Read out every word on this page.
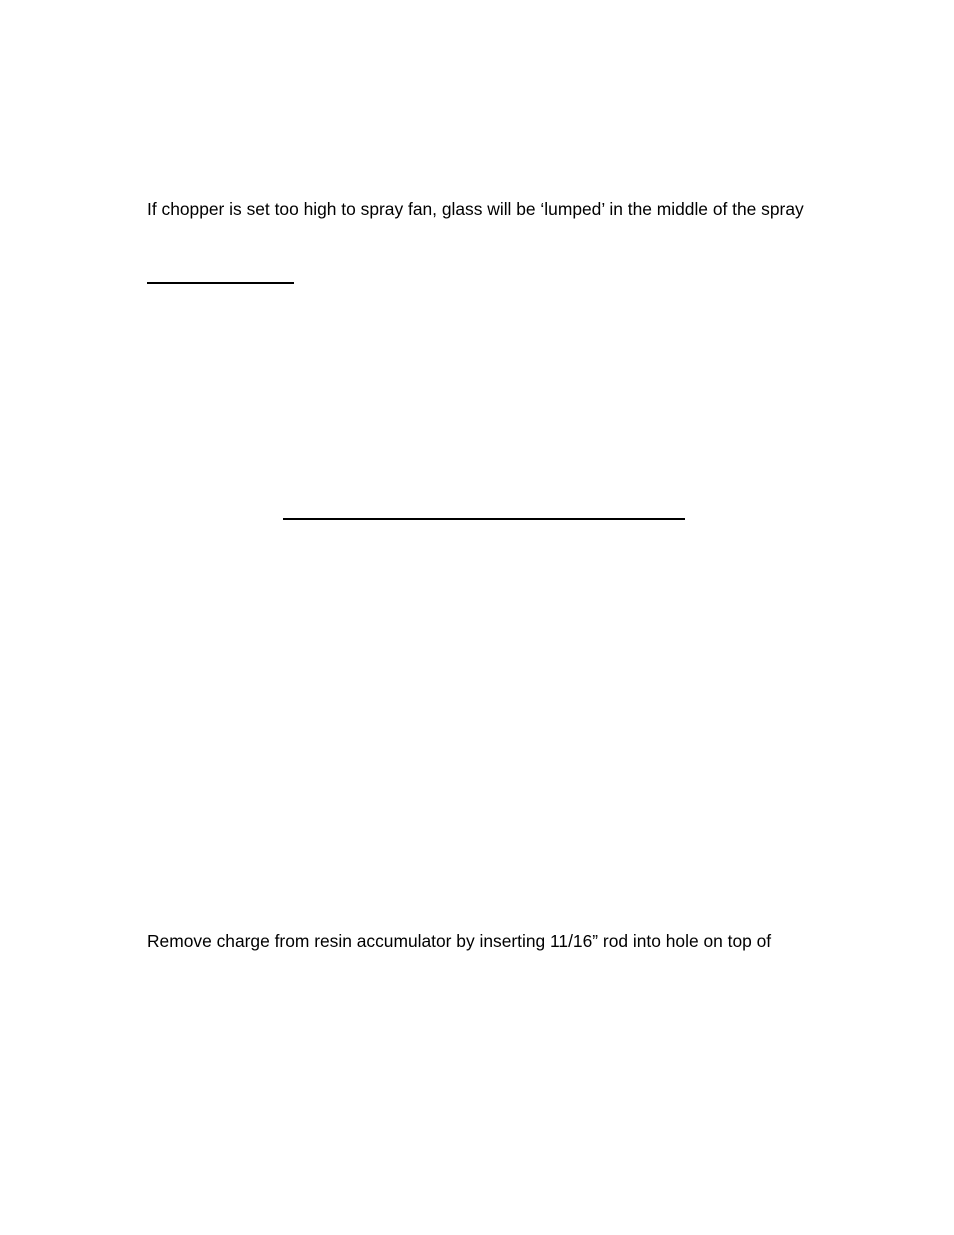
If chopper is set too high to spray fan, glass will be ‘lumped’ in the middle of the spray

Remove charge from resin accumulator by inserting 11/16” rod into hole on top of
